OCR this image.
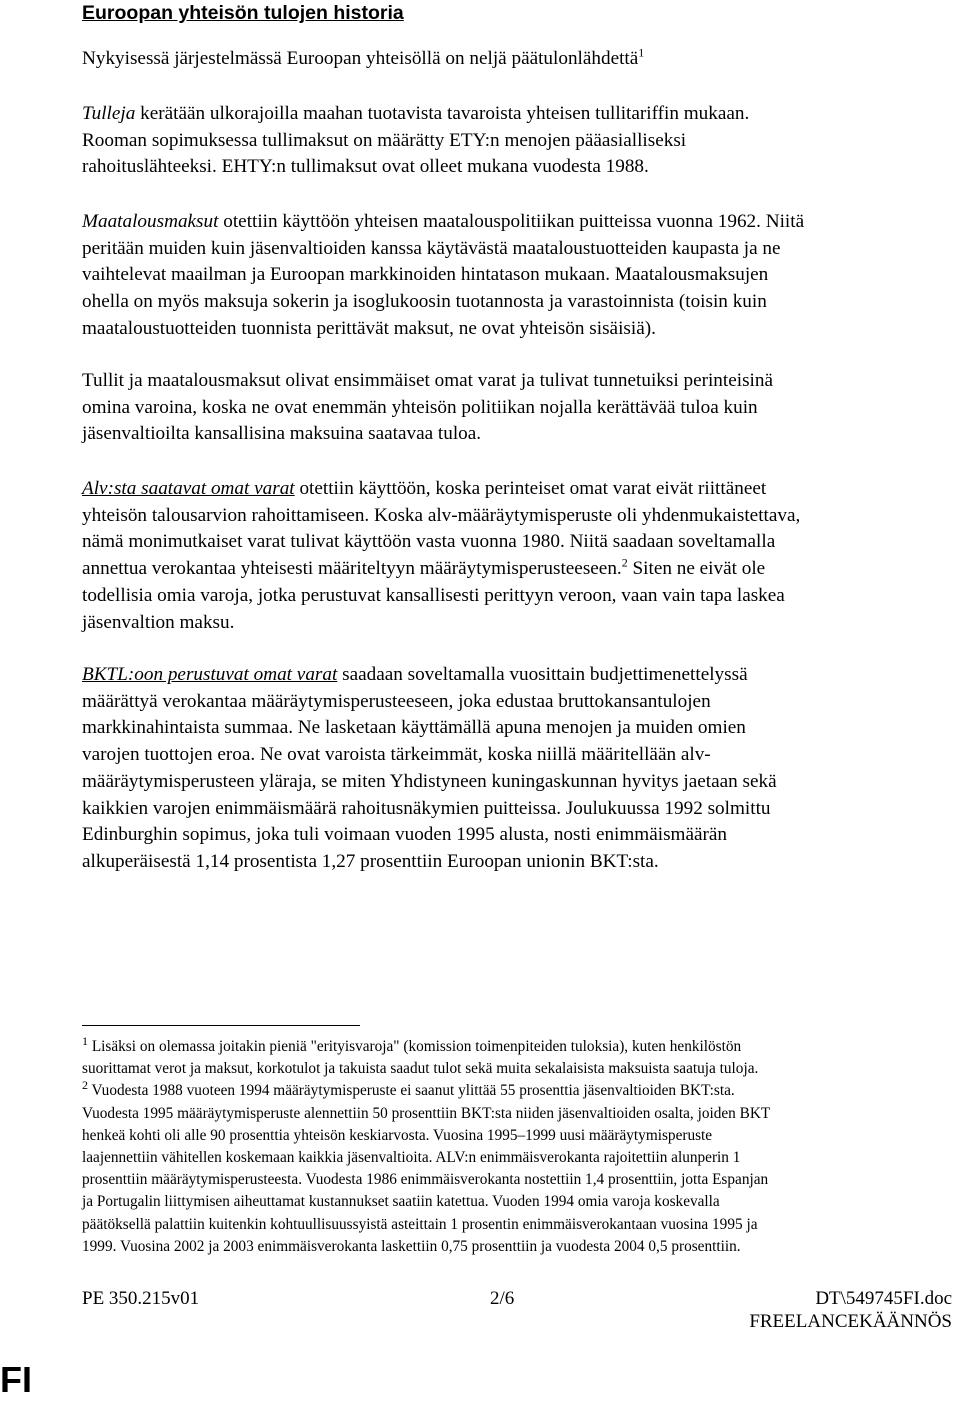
Euroopan yhteisön tulojen historia

Nykyisessä järjestelmässä Euroopan yhteisöllä on neljä päätulonlähdettä$^1$

Tulleja kerätään ulkorajoilla maahan tuotavista tavaroista yhteisen tullitariffin mukaan.
Rooman sopimuksessa tullimaksut on määrätty ETY:n menojen pääasialliseksi
rahoituslähteeksi. EHTY:n tullimaksut ovat olleet mukana vuodesta 1988.

Maatalousmaksut otettiin käyttöön yhteisen maatalouspolitiikan puitteissa vuonna 1962. Niitä
peritään muiden kuin jäsenvaltioiden kanssa käytävästä maataloustuotteiden kaupasta ja ne
vaihtelevat maailman ja Euroopan markkinoiden hintatason mukaan. Maatalousmaksujen
ohella on myös maksuja sokerin ja isoglukoosin tuotannosta ja varastoinnista (toisin kuin
maataloustuotteiden tuonnista perittävät maksut, ne ovat yhteisön sisäisiä).

Tullit ja maatalousmaksut olivat ensimmäiset omat varat ja tulivat tunnetuiksi perinteisinä
omina varoina, koska ne ovat enemmän yhteisön politiikan nojalla kerättävää tuloa kuin
jäsenvaltioilta kansallisina maksuina saatavaa tuloa.

Alv:sta saatavat omat varat otettiin käyttöön, koska perinteiset omat varat eivät riittäneet
yhteisön talousarvion rahoittamiseen. Koska alv-määräytymisperuste oli yhdenmukaistettava,
nämä monimutkaiset varat tulivat käyttöön vasta vuonna 1980. Niitä saadaan soveltamalla
annettua verokantaa yhteisesti määriteltyyn määräytymisperusteeseen.$^2$ Siten ne eivät ole
todellisia omia varoja, jotka perustuvat kansallisesti perittyyn veroon, vaan vain tapa laskea
jäsenvaltion maksu.

BKTL:oon perustuvat omat varat saadaan soveltamalla vuosittain budjettimenettelyssä
määrättyä verokantaa määräytymisperusteeseen, joka edustaa bruttokansantulojen
markkinahintaista summaa. Ne lasketaan käyttämällä apuna menojen ja muiden omien
varojen tuottojen eroa. Ne ovat varoista tärkeimmät, koska niillä määritellään alv-
määräytymisperusteen yläraja, se miten Yhdistyneen kuningaskunnan hyvitys jaetaan sekä
kaikkien varojen enimmäismäärä rahoitusnäkymien puitteissa. Joulukuussa 1992 solmittu
Edinburghin sopimus, joka tuli voimaan vuoden 1995 alusta, nosti enimmäismäärän
alkuperäisestä 1,14 prosentista 1,27 prosenttiin Euroopan unionin BKT:sta.

$^1$ Lisäksi on olemassa joitakin pieniä "erityisvaroja" (komission toimenpiteiden tuloksia), kuten henkilöstön
suorittamat verot ja maksut, korkotulot ja takuista saadut tulot sekä muita sekalaisista maksuista saatuja tuloja.
$^2$ Vuodesta 1988 vuoteen 1994 määräytymisperuste ei saanut ylittää 55 prosenttia jäsenvaltioiden BKT:sta.
Vuodesta 1995 määräytymisperuste alennettiin 50 prosenttiin BKT:sta niiden jäsenvaltioiden osalta, joiden BKT
henkeä kohti oli alle 90 prosenttia yhteisön keskiarvosta. Vuosina 1995–1999 uusi määräytymisperuste
laajennettiin vähitellen koskemaan kaikkia jäsenvaltioita. ALV:n enimmäisverokanta rajoitettiin alunperin 1
prosenttiin määräytymisperusteesta. Vuodesta 1986 enimmäisverokanta nostettiin 1,4 prosenttiin, jotta Espanjan
ja Portugalin liittymisen aiheuttamat kustannukset saatiin katettua. Vuoden 1994 omia varoja koskevalla
päätöksellä palattiin kuitenkin kohtuullisuussyistä asteittain 1 prosentin enimmäisverokantaan vuosina 1995 ja
1999. Vuosina 2002 ja 2003 enimmäisverokanta laskettiin 0,75 prosenttiin ja vuodesta 2004 0,5 prosenttiin.
PE 350.215v01	2/6	DT\549745FI.doc
FREELANCEKÄÄNNÖS
FI
